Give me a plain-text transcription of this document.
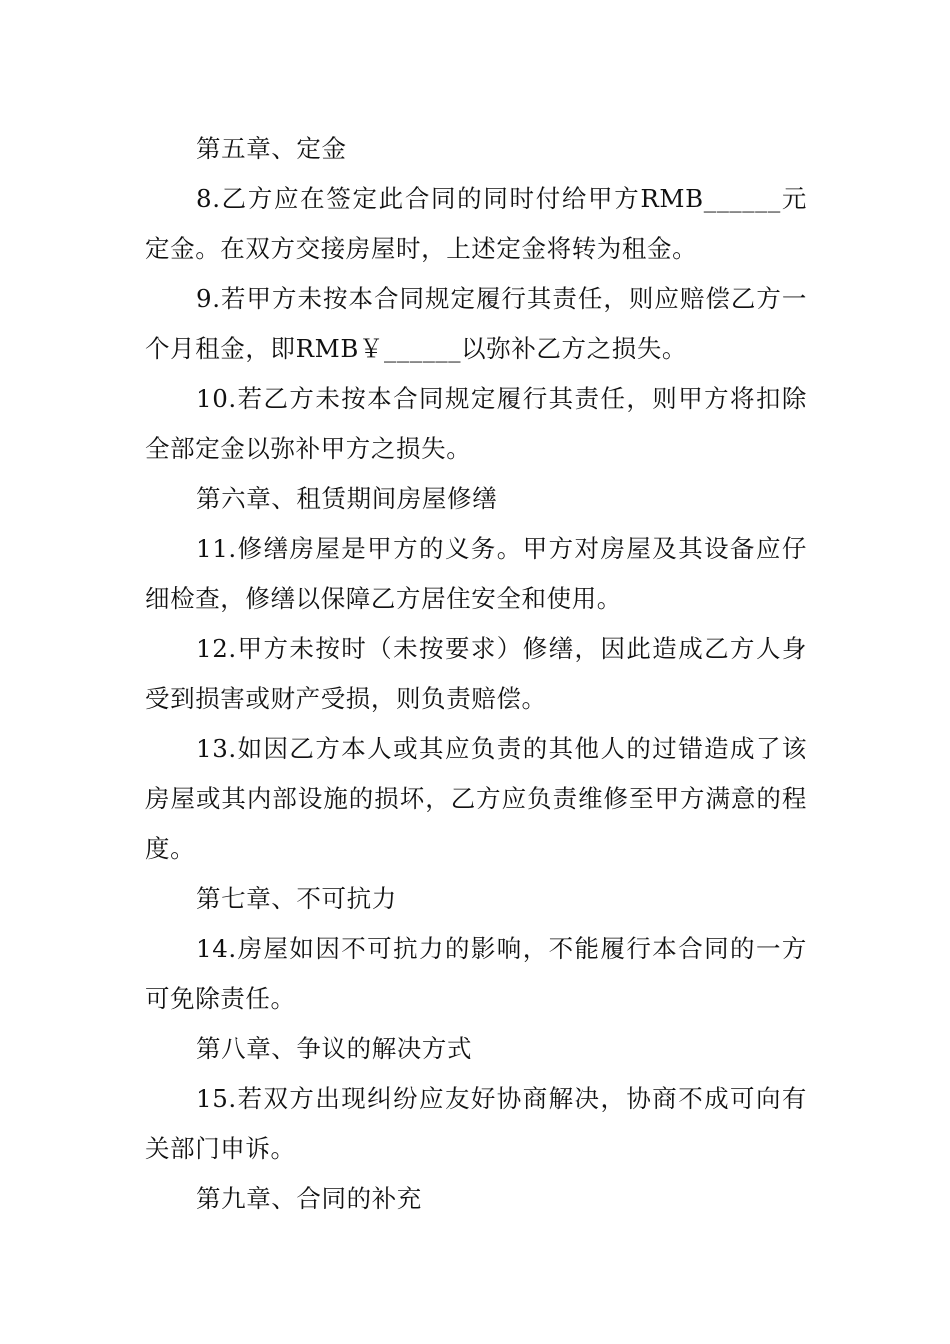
第五章、定金

8.乙方应在签定此合同的同时付给甲方RMB______元定金。在双方交接房屋时，上述定金将转为租金。

9.若甲方未按本合同规定履行其责任，则应赔偿乙方一个月租金，即RMB￥______以弥补乙方之损失。

10.若乙方未按本合同规定履行其责任，则甲方将扣除全部定金以弥补甲方之损失。

第六章、租赁期间房屋修缮

11.修缮房屋是甲方的义务。甲方对房屋及其设备应仔细检查，修缮以保障乙方居住安全和使用。

12.甲方未按时（未按要求）修缮，因此造成乙方人身受到损害或财产受损，则负责赔偿。

13.如因乙方本人或其应负责的其他人的过错造成了该房屋或其内部设施的损坏，乙方应负责维修至甲方满意的程度。

第七章、不可抗力

14.房屋如因不可抗力的影响，不能履行本合同的一方可免除责任。

第八章、争议的解决方式

15.若双方出现纠纷应友好协商解决，协商不成可向有关部门申诉。

第九章、合同的补充
